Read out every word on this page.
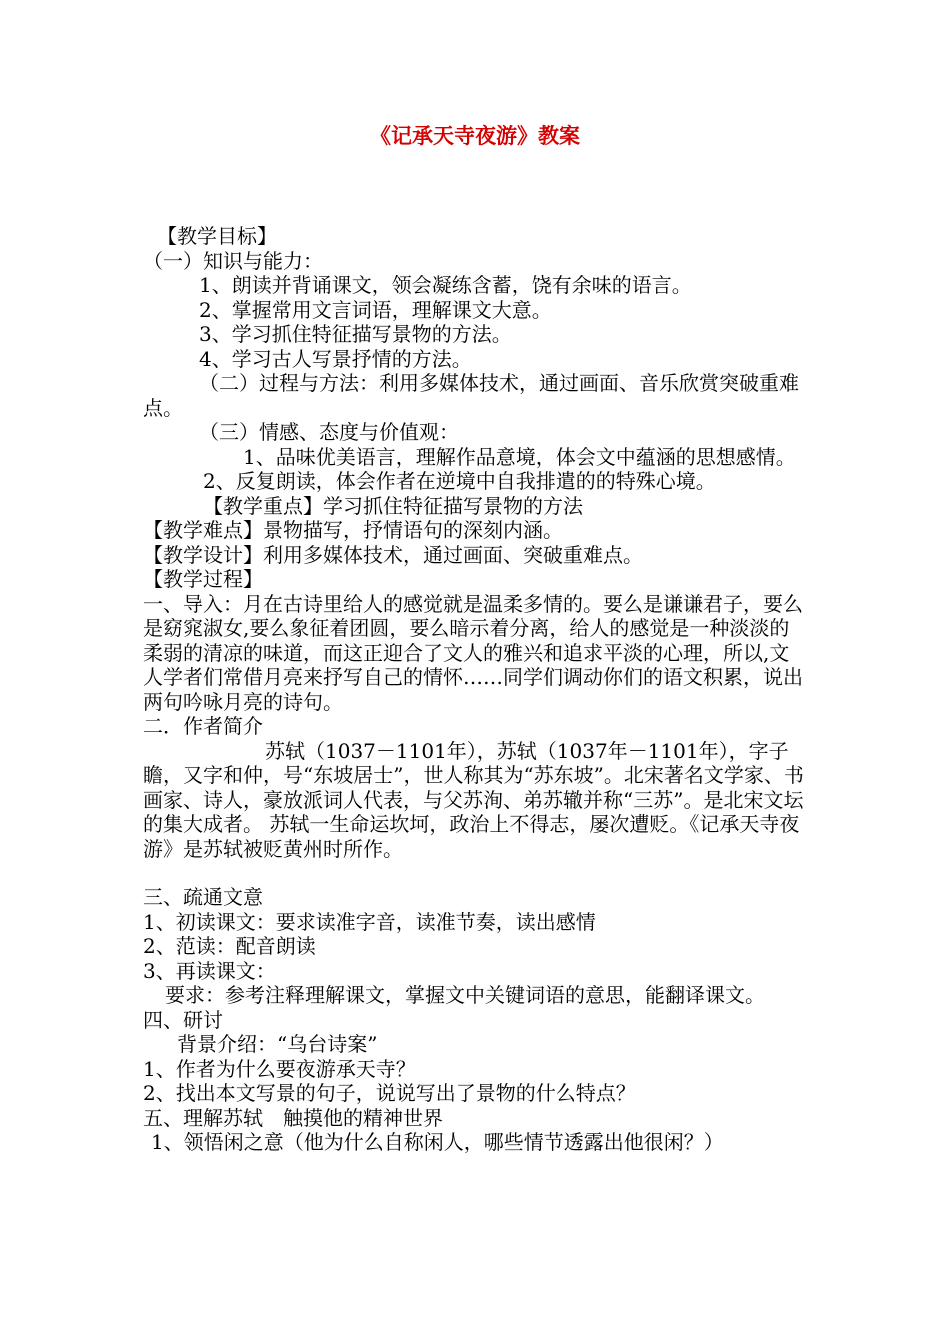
《记承天寺夜游》教案

【教学目标】

（一）知识与能力：

1、朗读并背诵课文，领会凝练含蓄，饶有余味的语言。

2、掌握常用文言词语，理解课文大意。

3、学习抓住特征描写景物的方法。

4、学习古人写景抒情的方法。

（二）过程与方法：利用多媒体技术，通过画面、音乐欣赏突破重难点。

（三）情感、态度与价值观：

1、品味优美语言，理解作品意境，体会文中蕴涵的思想感情。

2、反复朗读，体会作者在逆境中自我排遣的的特殊心境。

【教学重点】学习抓住特征描写景物的方法

【教学难点】景物描写，抒情语句的深刻内涵。

【教学设计】利用多媒体技术，通过画面、突破重难点。

【教学过程】

一、导入：月在古诗里给人的感觉就是温柔多情的。要么是谦谦君子，要么是窈窕淑女,要么象征着团圆，要么暗示着分离，给人的感觉是一种淡淡的柔弱的清凉的味道，而这正迎合了文人的雅兴和追求平淡的心理，所以,文人学者们常借月亮来抒写自己的情怀……同学们调动你们的语文积累，说出两句吟咏月亮的诗句。

二．作者简介

苏轼（1037－1101年），苏轼（1037年－1101年），字子瞻，又字和仲，号“东坡居士”，世人称其为“苏东坡”。北宋著名文学家、书画家、诗人，豪放派词人代表，与父苏洵、弟苏辙并称“三苏”。是北宋文坛的集大成者。 苏轼一生命运坎坷，政治上不得志，屡次遭贬。《记承天寺夜游》是苏轼被贬黄州时所作。

三、疏通文意

1、初读课文：要求读准字音，读准节奏，读出感情

2、范读：配音朗读

3、再读课文：

要求：参考注释理解课文，掌握文中关键词语的意思，能翻译课文。

四、研讨

背景介绍：“乌台诗案”

1、作者为什么要夜游承天寺？

2、找出本文写景的句子，说说写出了景物的什么特点？

五、理解苏轼　触摸他的精神世界

1、领悟闲之意（他为什么自称闲人，哪些情节透露出他很闲？）
